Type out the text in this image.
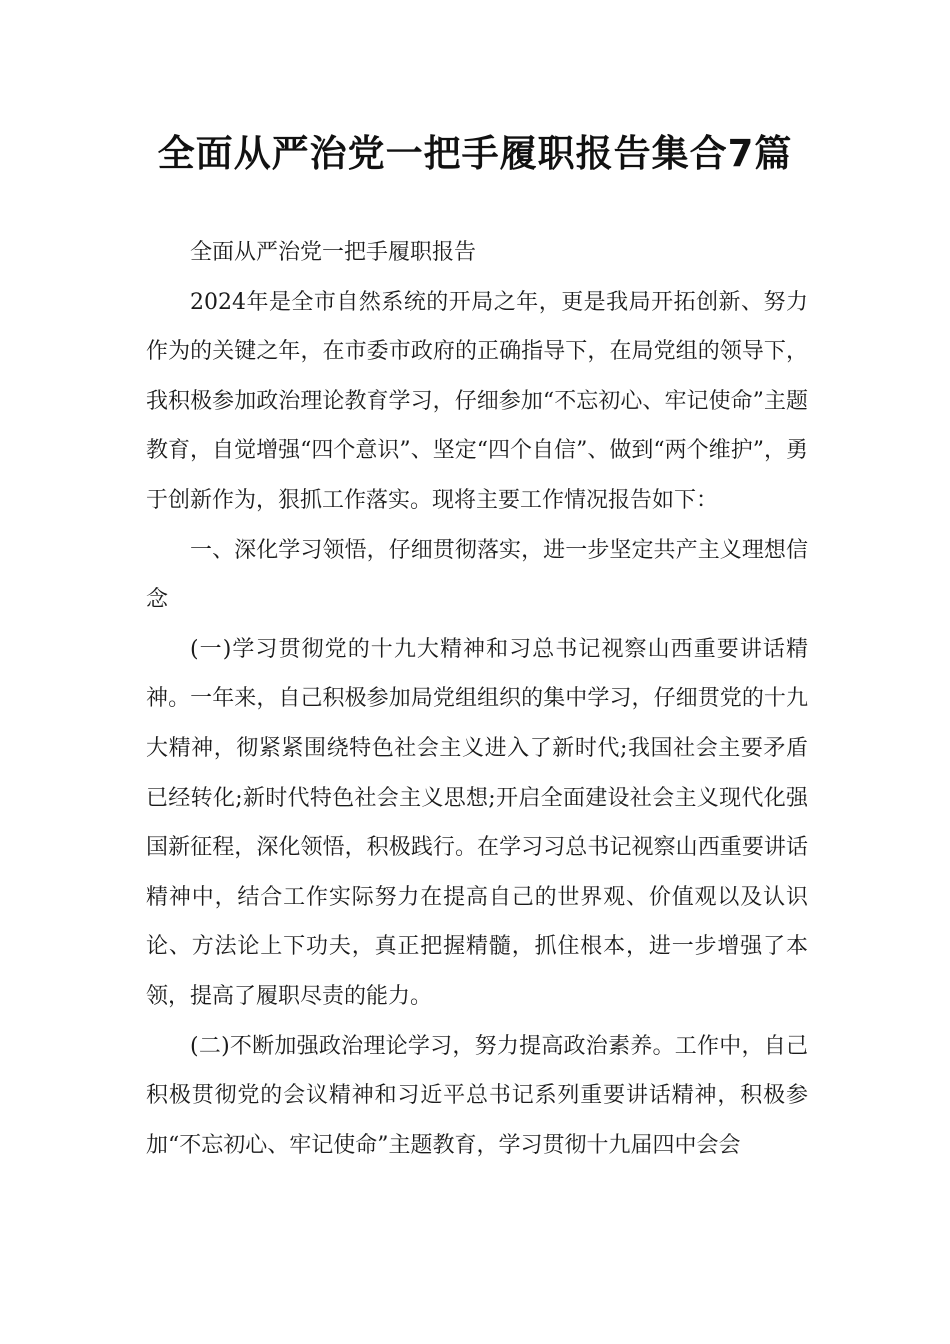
全面从严治党一把手履职报告集合7篇

全面从严治党一把手履职报告

2024年是全市自然系统的开局之年，更是我局开拓创新、努力作为的关键之年，在市委市政府的正确指导下，在局党组的领导下，我积极参加政治理论教育学习，仔细参加“不忘初心、牢记使命”主题教育，自觉增强“四个意识”、坚定“四个自信”、做到“两个维护”，勇于创新作为，狠抓工作落实。现将主要工作情况报告如下：

一、深化学习领悟，仔细贯彻落实，进一步坚定共产主义理想信念

(一)学习贯彻党的十九大精神和习总书记视察山西重要讲话精神。一年来，自己积极参加局党组组织的集中学习，仔细贯党的十九大精神，彻紧紧围绕特色社会主义进入了新时代;我国社会主要矛盾已经转化;新时代特色社会主义思想;开启全面建设社会主义现代化强国新征程，深化领悟，积极践行。在学习习总书记视察山西重要讲话精神中，结合工作实际努力在提高自己的世界观、价值观以及认识论、方法论上下功夫，真正把握精髓，抓住根本，进一步增强了本领，提高了履职尽责的能力。

(二)不断加强政治理论学习，努力提高政治素养。工作中，自己积极贯彻党的会议精神和习近平总书记系列重要讲话精神，积极参加“不忘初心、牢记使命”主题教育，学习贯彻十九届四中会会
